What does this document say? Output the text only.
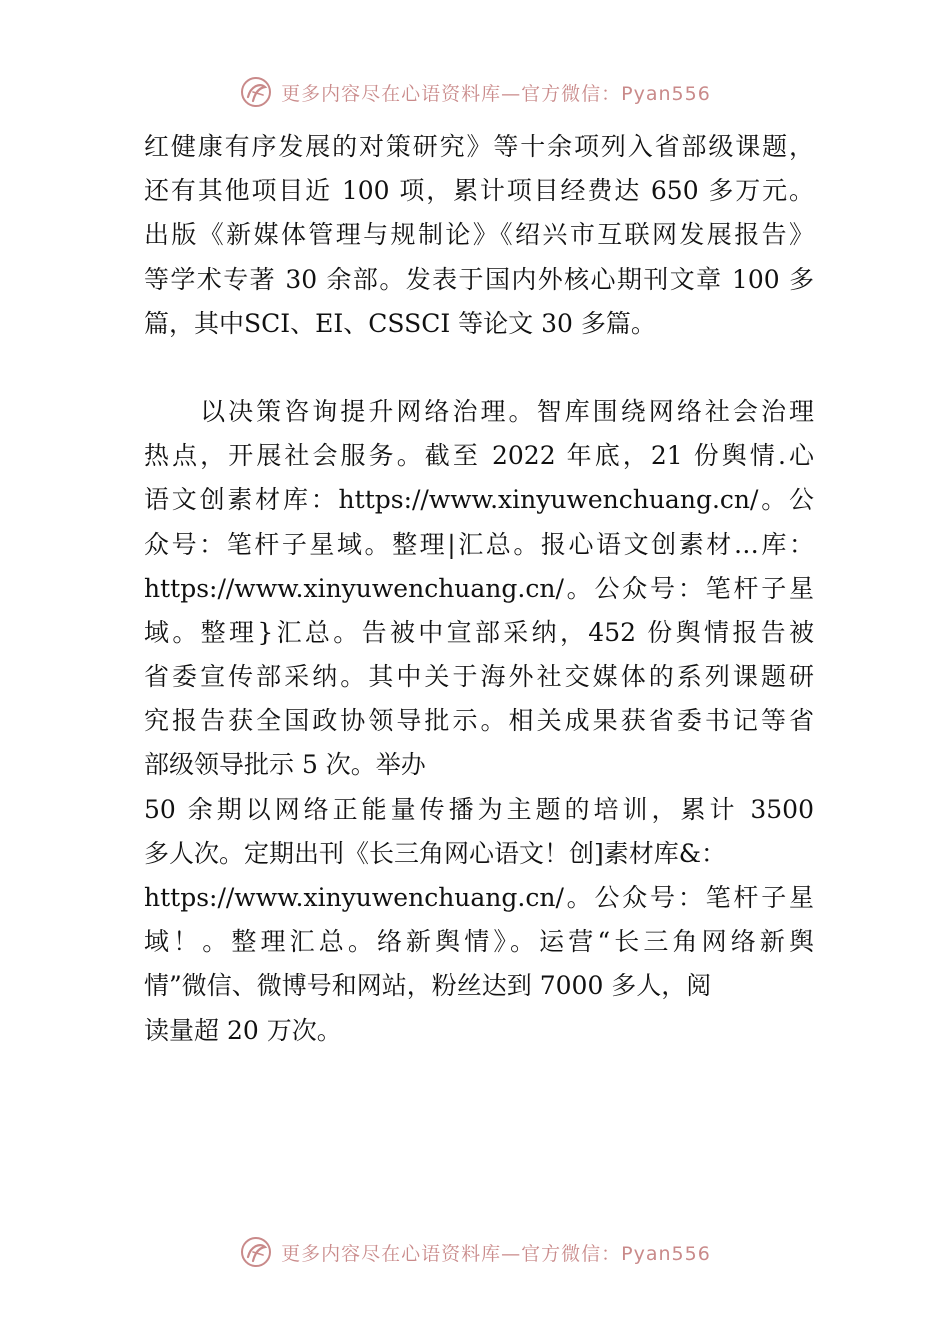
更多内容尽在心语资料库—官方微信：Pyan556
红健康有序发展的对策研究》等十余项列入省部级课题，
还有其他项目近 100 项，累计项目经费达 650 多万元。
出版《新媒体管理与规制论》《绍兴市互联网发展报告》
等学术专著 30 余部。发表于国内外核心期刊文章 100 多
篇，其中SCI、EI、CSSCI 等论文 30 多篇。
　　以决策咨询提升网络治理。智库围绕网络社会治理
热点，开展社会服务。截至 2022 年底，21 份舆情.心
语文创素材库：https://www.xinyuwenchuang.cn/。公
众号：笔杆子星域。整理|汇总。报心语文创素材…库：
https://www.xinyuwenchuang.cn/。公众号：笔杆子星
域。整理}汇总。告被中宣部采纳，452 份舆情报告被
省委宣传部采纳。其中关于海外社交媒体的系列课题研
究报告获全国政协领导批示。相关成果获省委书记等省
部级领导批示 5 次。举办
50 余期以网络正能量传播为主题的培训，累计 3500
多人次。定期出刊《长三角网心语文！创]素材库&：
https://www.xinyuwenchuang.cn/。公众号：笔杆子星
域！。整理汇总。络新舆情》。运营“长三角网络新舆
情”微信、微博号和网站，粉丝达到 7000 多人，阅
读量超 20 万次。
更多内容尽在心语资料库—官方微信：Pyan556
